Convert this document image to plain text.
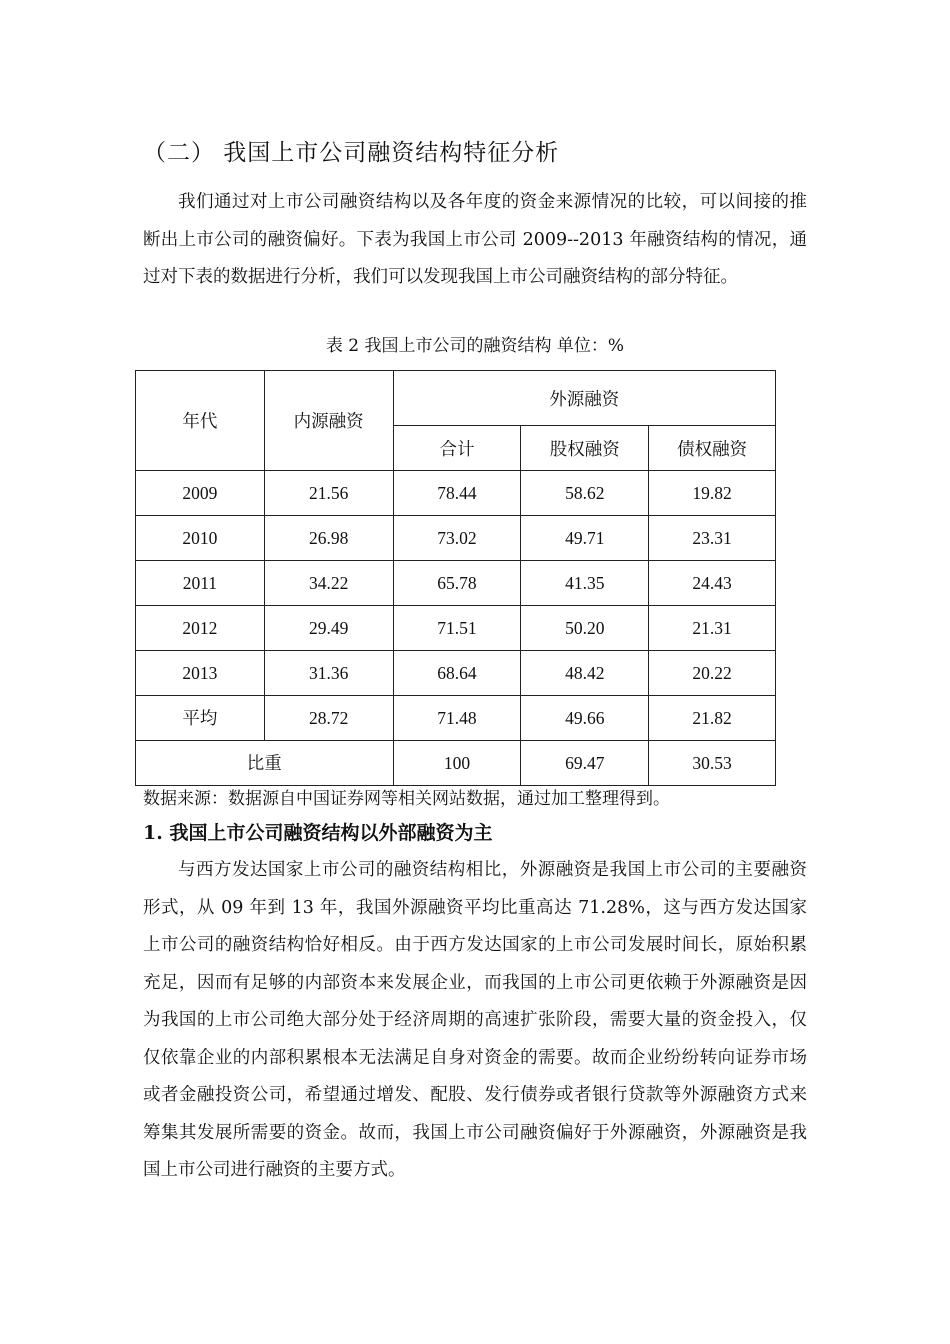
（二） 我国上市公司融资结构特征分析

我们通过对上市公司融资结构以及各年度的资金来源情况的比较，可以间接的推断出上市公司的融资偏好。下表为我国上市公司 2009--2013 年融资结构的情况，通过对下表的数据进行分析，我们可以发现我国上市公司融资结构的部分特征。

表 2 我国上市公司的融资结构 单位：%
年代	内源融资	外源融资		
		合计	股权融资	债权融资
2009	21.56	78.44	58.62	19.82
2010	26.98	73.02	49.71	23.31
2011	34.22	65.78	41.35	24.43
2012	29.49	71.51	50.20	21.31
2013	31.36	68.64	48.42	20.22
平均	28.72	71.48	49.66	21.82
比重		100	69.47	30.53
数据来源：数据源自中国证券网等相关网站数据，通过加工整理得到。
1. 我国上市公司融资结构以外部融资为主

与西方发达国家上市公司的融资结构相比，外源融资是我国上市公司的主要融资形式，从 09 年到 13 年，我国外源融资平均比重高达 71.28%，这与西方发达国家上市公司的融资结构恰好相反。由于西方发达国家的上市公司发展时间长，原始积累充足，因而有足够的内部资本来发展企业，而我国的上市公司更依赖于外源融资是因为我国的上市公司绝大部分处于经济周期的高速扩张阶段，需要大量的资金投入，仅仅依靠企业的内部积累根本无法满足自身对资金的需要。故而企业纷纷转向证券市场或者金融投资公司，希望通过增发、配股、发行债券或者银行贷款等外源融资方式来筹集其发展所需要的资金。故而，我国上市公司融资偏好于外源融资，外源融资是我国上市公司进行融资的主要方式。
